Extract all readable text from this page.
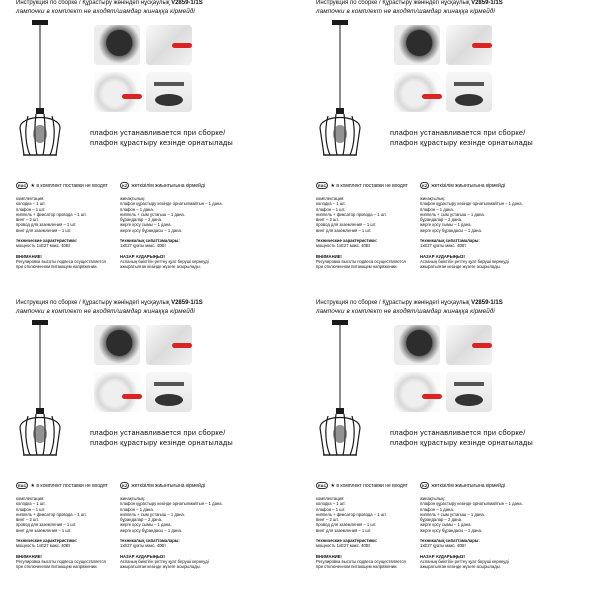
Инструкция по сборке / Құрастыру жөніндегі нұсқаулық V2859-1/1S
лампочки в комплект не входят/шамдар жинаққа кірмейді
плафон устанавливается при сборке/
плафон құрастыру кезінде орнатылады
EAC ★ в комплект поставки не входят	KZ жеткізілім жиынтығына кірмейді
комплектация:
колодка – 1 шт.
плафон – 1 шт.
ниппель + фиксатор провода – 1 шт.
винт – 2 шт.
провод для заземления – 1 шт.
винт для заземления – 1 шт.
технические характеристики:
мощность 1xE27 макс. 40Вт
ВНИМАНИЕ!
Регулировка высоты подвеса осуществляется
при отключенном питающем напряжении.
жинақтылық:
плафон құрастыру кезінде орнатылмайтын – 1 дана.
плафон – 1 дана.
ниппель + сым ұстағыш – 1 дана.
бұрандалар – 2 дана.
жерге қосу сымы – 1 дана.
жерге қосу бұрандасы – 1 дана.
техникалық сипаттамалары:
1xE27 қуаты макс. 40Вт
НАЗАР АУДАРЫҢЫЗ!
Аспаның биіктігін реттеу қуат беруші кернеуді
ажыратылған кезінде жүзеге асырылады.
Инструкция по сборке / Құрастыру жөніндегі нұсқаулық V2859-1/1S
лампочки в комплект не входят/шамдар жинаққа кірмейді
плафон устанавливается при сборке/
плафон құрастыру кезінде орнатылады
EAC ★ в комплект поставки не входят	KZ жеткізілім жиынтығына кірмейді
комплектация:
колодка – 1 шт.
плафон – 1 шт.
ниппель + фиксатор провода – 1 шт.
винт – 2 шт.
провод для заземления – 1 шт.
винт для заземления – 1 шт.
технические характеристики:
мощность 1xE27 макс. 40Вт
ВНИМАНИЕ!
Регулировка высоты подвеса осуществляется
при отключенном питающем напряжении.
жинақтылық:
плафон құрастыру кезінде орнатылмайтын – 1 дана.
плафон – 1 дана.
ниппель + сым ұстағыш – 1 дана.
бұрандалар – 2 дана.
жерге қосу сымы – 1 дана.
жерге қосу бұрандасы – 1 дана.
техникалық сипаттамалары:
1xE27 қуаты макс. 40Вт
НАЗАР АУДАРЫҢЫЗ!
Аспаның биіктігін реттеу қуат беруші кернеуді
ажыратылған кезінде жүзеге асырылады.
Инструкция по сборке / Құрастыру жөніндегі нұсқаулық V2859-1/1S
лампочки в комплект не входят/шамдар жинаққа кірмейді
плафон устанавливается при сборке/
плафон құрастыру кезінде орнатылады
EAC ★ в комплект поставки не входят	KZ жеткізілім жиынтығына кірмейді
комплектация:
колодка – 1 шт.
плафон – 1 шт.
ниппель + фиксатор провода – 1 шт.
винт – 2 шт.
провод для заземления – 1 шт.
винт для заземления – 1 шт.
технические характеристики:
мощность 1xE27 макс. 40Вт
ВНИМАНИЕ!
Регулировка высоты подвеса осуществляется
при отключенном питающем напряжении.
жинақтылық:
плафон құрастыру кезінде орнатылмайтын – 1 дана.
плафон – 1 дана.
ниппель + сым ұстағыш – 1 дана.
бұрандалар – 2 дана.
жерге қосу сымы – 1 дана.
жерге қосу бұрандасы – 1 дана.
техникалық сипаттамалары:
1xE27 қуаты макс. 40Вт
НАЗАР АУДАРЫҢЫЗ!
Аспаның биіктігін реттеу қуат беруші кернеуді
ажыратылған кезінде жүзеге асырылады.
Инструкция по сборке / Құрастыру жөніндегі нұсқаулық V2859-1/1S
лампочки в комплект не входят/шамдар жинаққа кірмейді
плафон устанавливается при сборке/
плафон құрастыру кезінде орнатылады
EAC ★ в комплект поставки не входят	KZ жеткізілім жиынтығына кірмейді
комплектация:
колодка – 1 шт.
плафон – 1 шт.
ниппель + фиксатор провода – 1 шт.
винт – 2 шт.
провод для заземления – 1 шт.
винт для заземления – 1 шт.
технические характеристики:
мощность 1xE27 макс. 40Вт
ВНИМАНИЕ!
Регулировка высоты подвеса осуществляется
при отключенном питающем напряжении.
жинақтылық:
плафон құрастыру кезінде орнатылмайтын – 1 дана.
плафон – 1 дана.
ниппель + сым ұстағыш – 1 дана.
бұрандалар – 2 дана.
жерге қосу сымы – 1 дана.
жерге қосу бұрандасы – 1 дана.
техникалық сипаттамалары:
1xE27 қуаты макс. 40Вт
НАЗАР АУДАРЫҢЫЗ!
Аспаның биіктігін реттеу қуат беруші кернеуді
ажыратылған кезінде жүзеге асырылады.
